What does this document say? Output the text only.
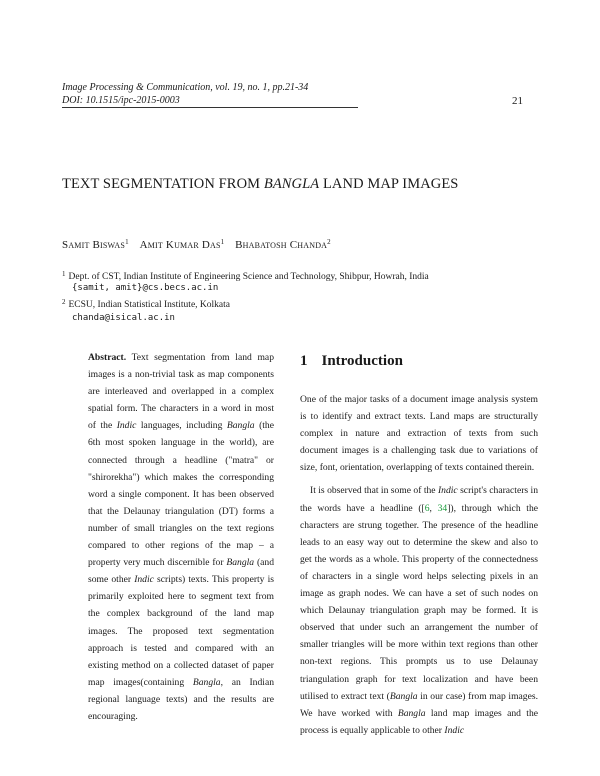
Image Processing & Communication, vol. 19, no. 1, pp.21-34
DOI: 10.1515/ipc-2015-0003	21
TEXT SEGMENTATION FROM BANGLA LAND MAP IMAGES
Samit Biswas$^1$ Amit Kumar Das$^1$ Bhabatosh Chanda$^2$
$^1$ Dept. of CST, Indian Institute of Engineering Science and Technology, Shibpur, Howrah, India
{samit, amit}@cs.becs.ac.in
$^2$ ECSU, Indian Statistical Institute, Kolkata
chanda@isical.ac.in
Abstract. Text segmentation from land map images is a non-trivial task as map components are interleaved and overlapped in a complex spatial form. The characters in a word in most of the Indic languages, including Bangla (the 6th most spoken language in the world), are connected through a headline ("matra" or "shirorekha") which makes the corresponding word a single component. It has been observed that the Delaunay triangulation (DT) forms a number of small triangles on the text regions compared to other regions of the map – a property very much discernible for Bangla (and some other Indic scripts) texts. This property is primarily exploited here to segment text from the complex background of the land map images. The proposed text segmentation approach is tested and compared with an existing method on a collected dataset of paper map images(containing Bangla, an Indian regional language texts) and the results are encouraging.
1 Introduction

One of the major tasks of a document image analysis system is to identify and extract texts. Land maps are structurally complex in nature and extraction of texts from such document images is a challenging task due to variations of size, font, orientation, overlapping of texts contained therein.

It is observed that in some of the Indic script's characters in the words have a headline ([6, 34]), through which the characters are strung together. The presence of the headline leads to an easy way out to determine the skew and also to get the words as a whole. This property of the connectedness of characters in a single word helps selecting pixels in an image as graph nodes. We can have a set of such nodes on which Delaunay triangulation graph may be formed. It is observed that under such an arrangement the number of smaller triangles will be more within text regions than other non-text regions. This prompts us to use Delaunay triangulation graph for text localization and have been utilised to extract text (Bangla in our case) from map images. We have worked with Bangla land map images and the process is equally applicable to other Indic
